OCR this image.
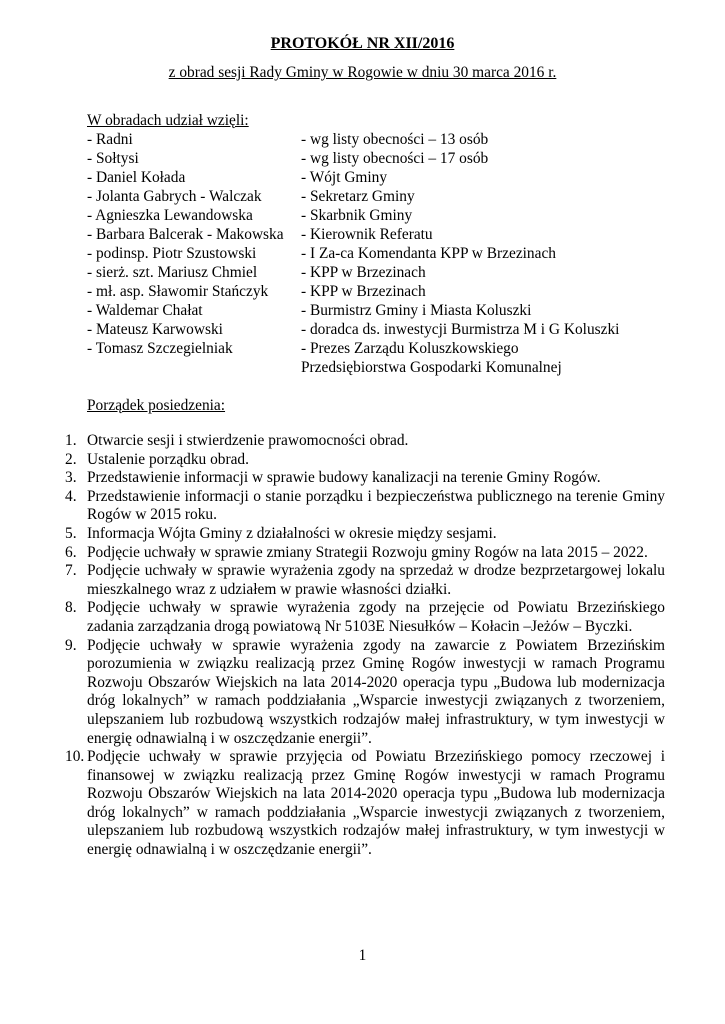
PROTOKÓŁ NR XII/2016
z obrad sesji Rady Gminy w Rogowie w dniu 30 marca 2016 r.
W obradach udział wzięli:
- Radni	- wg listy obecności – 13 osób
- Sołtysi	- wg listy obecności – 17 osób
- Daniel Kołada	- Wójt Gminy
- Jolanta Gabrych - Walczak	- Sekretarz Gminy
- Agnieszka Lewandowska	- Skarbnik Gminy
- Barbara Balcerak - Makowska	- Kierownik Referatu
- podinsp. Piotr Szustowski	- I Za-ca Komendanta KPP w Brzezinach
- sierż. szt. Mariusz Chmiel	- KPP w Brzezinach
- mł. asp. Sławomir Stańczyk	- KPP w Brzezinach
- Waldemar Chałat	- Burmistrz Gminy i Miasta Koluszki
- Mateusz Karwowski	- doradca ds. inwestycji Burmistrza M i G Koluszki
- Tomasz Szczegielniak	- Prezes Zarządu Koluszkowskiego
Przedsiębiorstwa Gospodarki Komunalnej
Porządek posiedzenia:
1. Otwarcie sesji i stwierdzenie prawomocności obrad.
2. Ustalenie porządku obrad.
3. Przedstawienie informacji w sprawie budowy kanalizacji na terenie Gminy Rogów.
4. Przedstawienie informacji o stanie porządku i bezpieczeństwa publicznego na terenie Gminy Rogów w 2015 roku.
5. Informacja Wójta Gminy z działalności w okresie między sesjami.
6. Podjęcie uchwały w sprawie zmiany Strategii Rozwoju gminy Rogów na lata 2015 – 2022.
7. Podjęcie uchwały w sprawie wyrażenia zgody na sprzedaż w drodze bezprzetargowej lokalu mieszkalnego wraz z udziałem w prawie własności działki.
8. Podjęcie uchwały w sprawie wyrażenia zgody na przejęcie od Powiatu Brzezińskiego zadania zarządzania drogą powiatową Nr 5103E Niesułków – Kołacin –Jeżów – Byczki.
9. Podjęcie uchwały w sprawie wyrażenia zgody na zawarcie z Powiatem Brzezińskim porozumienia w związku realizacją przez Gminę Rogów inwestycji w ramach Programu Rozwoju Obszarów Wiejskich na lata 2014-2020 operacja typu „Budowa lub modernizacja dróg lokalnych” w ramach poddziałania „Wsparcie inwestycji związanych z tworzeniem, ulepszaniem lub rozbudową wszystkich rodzajów małej infrastruktury, w tym inwestycji w energię odnawialną i w oszczędzanie energii”.
10. Podjęcie uchwały w sprawie przyjęcia od Powiatu Brzezińskiego pomocy rzeczowej i finansowej w związku realizacją przez Gminę Rogów inwestycji w ramach Programu Rozwoju Obszarów Wiejskich na lata 2014-2020 operacja typu „Budowa lub modernizacja dróg lokalnych” w ramach poddziałania „Wsparcie inwestycji związanych z tworzeniem, ulepszaniem lub rozbudową wszystkich rodzajów małej infrastruktury, w tym inwestycji w energię odnawialną i w oszczędzanie energii”.
1
